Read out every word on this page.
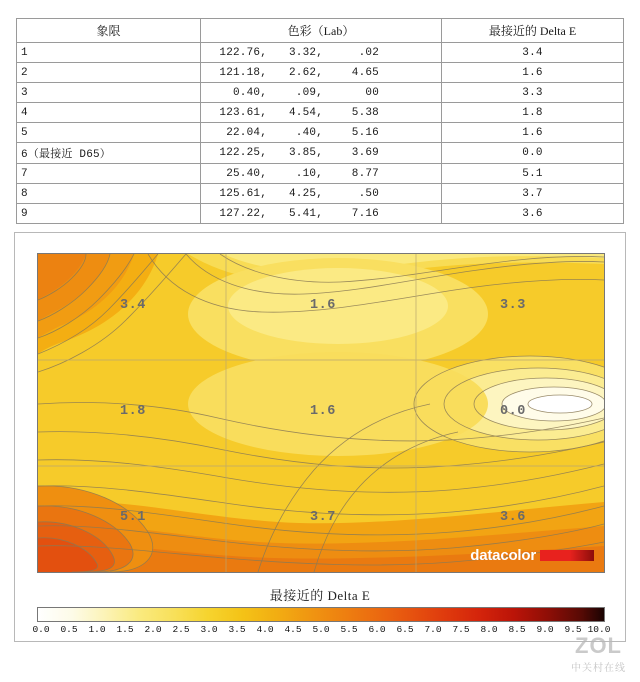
象限	色彩（Lab）	最接近的 Delta E
1	122.76, 3.32, .02	3.4
2	121.18, 2.62, 4.65	1.6
3	0.40, .09, 00	3.3
4	123.61, 4.54, 5.38	1.8
5	22.04, .40, 5.16	1.6
6（最接近 D65）	122.25, 3.85, 3.69	0.0
7	25.40, .10, 8.77	5.1
8	125.61, 4.25, .50	3.7
9	127.22, 5.41, 7.16	3.6
3.4	1.6	3.3
1.8	1.6	0.0
5.1	3.7	3.6
datacolor
最接近的 Delta E
0.0 0.5 1.0 1.5 2.0 2.5 3.0 3.5 4.0 4.5 5.0 5.5 6.0 6.5 7.0 7.5 8.0 8.5 9.0 9.5 10.0
ZOL
中关村在线
